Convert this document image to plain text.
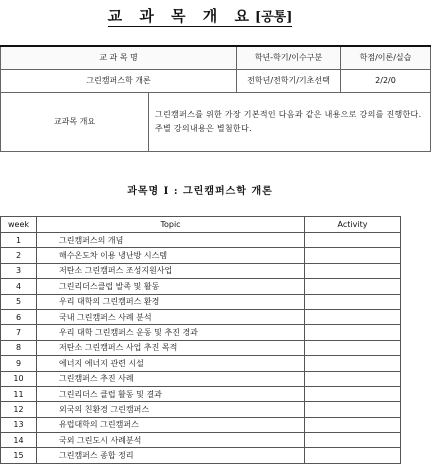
교 과 목 개 요[공통]
교 과 목 명		학년-학기/이수구분	학점/이론/실습
그린캠퍼스학 개론		전학년/전학기/기초선택	2/2/0
교과목 개요	그린캠퍼스를 위한 가장 기본적인 다음과 같은 내용으로 강의를 진행한다. 주별 강의내용은 별첨한다.		
과목명 I : 그린캠퍼스학 개론
week	Topic	Activity
1	그린캠퍼스의 개념	
2	해수온도차 이용 냉난방 시스템	
3	저탄소 그린캠퍼스 조성지원사업	
4	그린리더스클럽 발족 및 활동	
5	우리 대학의 그린캠퍼스 환경	
6	국내 그린캠퍼스 사례 분석	
7	우리 대학 그린캠퍼스 운동 및 추진 경과	
8	저탄소 그린캠퍼스 사업 추진 목적	
9	에너지 에너지 관련 시설	
10	그린캠퍼스 추진 사례	
11	그린리더스 클럽 활동 및 결과	
12	외국의 친환경 그린캠퍼스	
13	유럽대학의 그린캠퍼스	
14	국외 그린도시 사례분석	
15	그린캠퍼스 종합 정리	
